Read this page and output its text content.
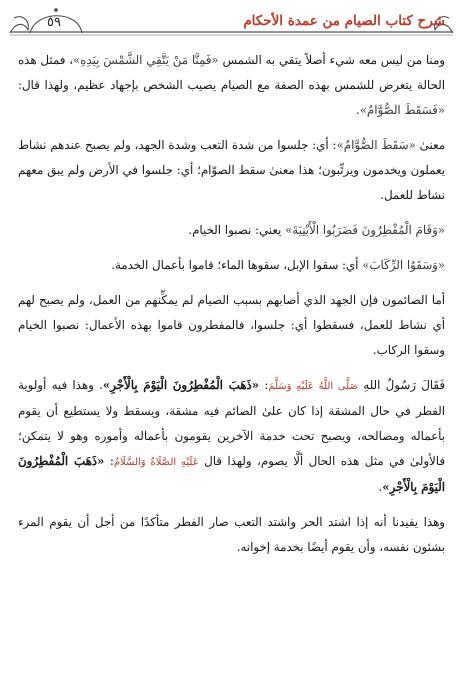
٥٩	شرح كتاب الصيام من عمدة الأحكام

ومنا من ليس معه شيء أصلاً يتقي به الشمس «فَمِنَّا مَنْ يَتَّقِي الشَّمْسَ بِيَدِهِ»، فمثل هذه الحالة يتعرض للشمس بهذه الصفة مع الصيام يصيب الشخص بإجهاد عظيم، ولهذا قال: «فَسَقَطَ الصُّوَّامُ».

معنىٰ «سَقَطَ الصُّوَّامُ»: أي: جلسوا من شدة التعب وشدة الجهد، ولم يصبح عندهم نشاط يعملون ويخدمون ويرتِّبون؛ هذا معنىٰ سقط الصوّام؛ أي: جلسوا في الأرض ولم يبق معهم نشاط للعمل.

«وَقَامَ الْمُفْطِرُونَ فَضَرَبُوا الْأَبْنِيَةَ» يعني: نصبوا الخيام.

«وَسَقَوُا الرِّكَابَ» أي: سقوا الإبل، سقوها الماء؛ قاموا بأعمال الخدمة.

أما الصائمون فإن الجهد الذي أصابهم بسبب الصيام لم يمكِّنهم من العمل، ولم يصبح لهم أي نشاط للعمل، فسقطوا أي: جلسوا، فالمفطرون قاموا بهذه الأعمال: نصبوا الخيام وسقوا الركاب.

فَقَالَ رَسُولُ اللهِ صَلَّى اللَّهُ عَلَيْهِ وَسَلَّمَ: «ذَهَبَ الْمُفْطِرُونَ الْيَوْمَ بِالْأَجْرِ». وهذا فيه أولوية الفطر في حال المشقة إذا كان علىٰ الصائم فيه مشقة، ويسقط ولا يستطيع أن يقوم بأعماله ومصالحه، ويصبح تحت خدمة الآخرين يقومون بأعماله وأموره وهو لا يتمكن؛ فالأولىٰ في مثل هذه الحال ألَّا يصوم، ولهذا قال عَلَيْهِ الصَّلَاةُ وَالسَّلَامُ: «ذَهَبَ الْمُفْطِرُونَ الْيَوْمَ بِالْأَجْرِ».

وهذا يفيدنا أنه إذا اشتد الحر واشتد التعب صار الفطر متأكدًا من أجل أن يقوم المرء بشئون نفسه، وأن يقوم أيضًا بخدمة إخوانه.
